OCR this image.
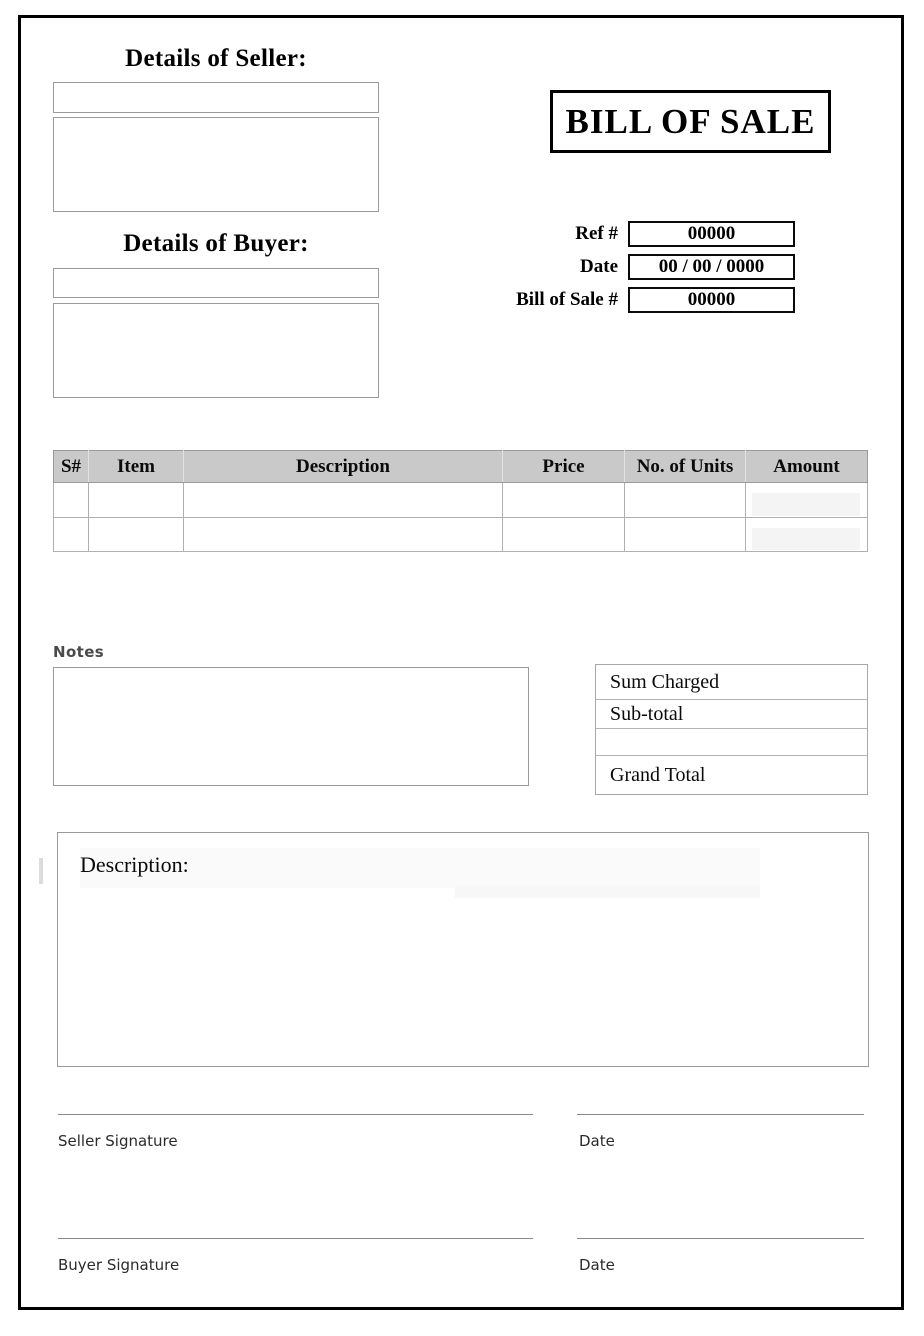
Details of Seller:
Details of Buyer:
BILL OF SALE
Ref #	00000
Date	00 / 00 / 0000
Bill of Sale #	00000
S#	Item	Description	Price	No. of Units	Amount

Notes
Sum Charged
Sub-total
Grand Total
Description:
Seller Signature	Date
Buyer Signature	Date
